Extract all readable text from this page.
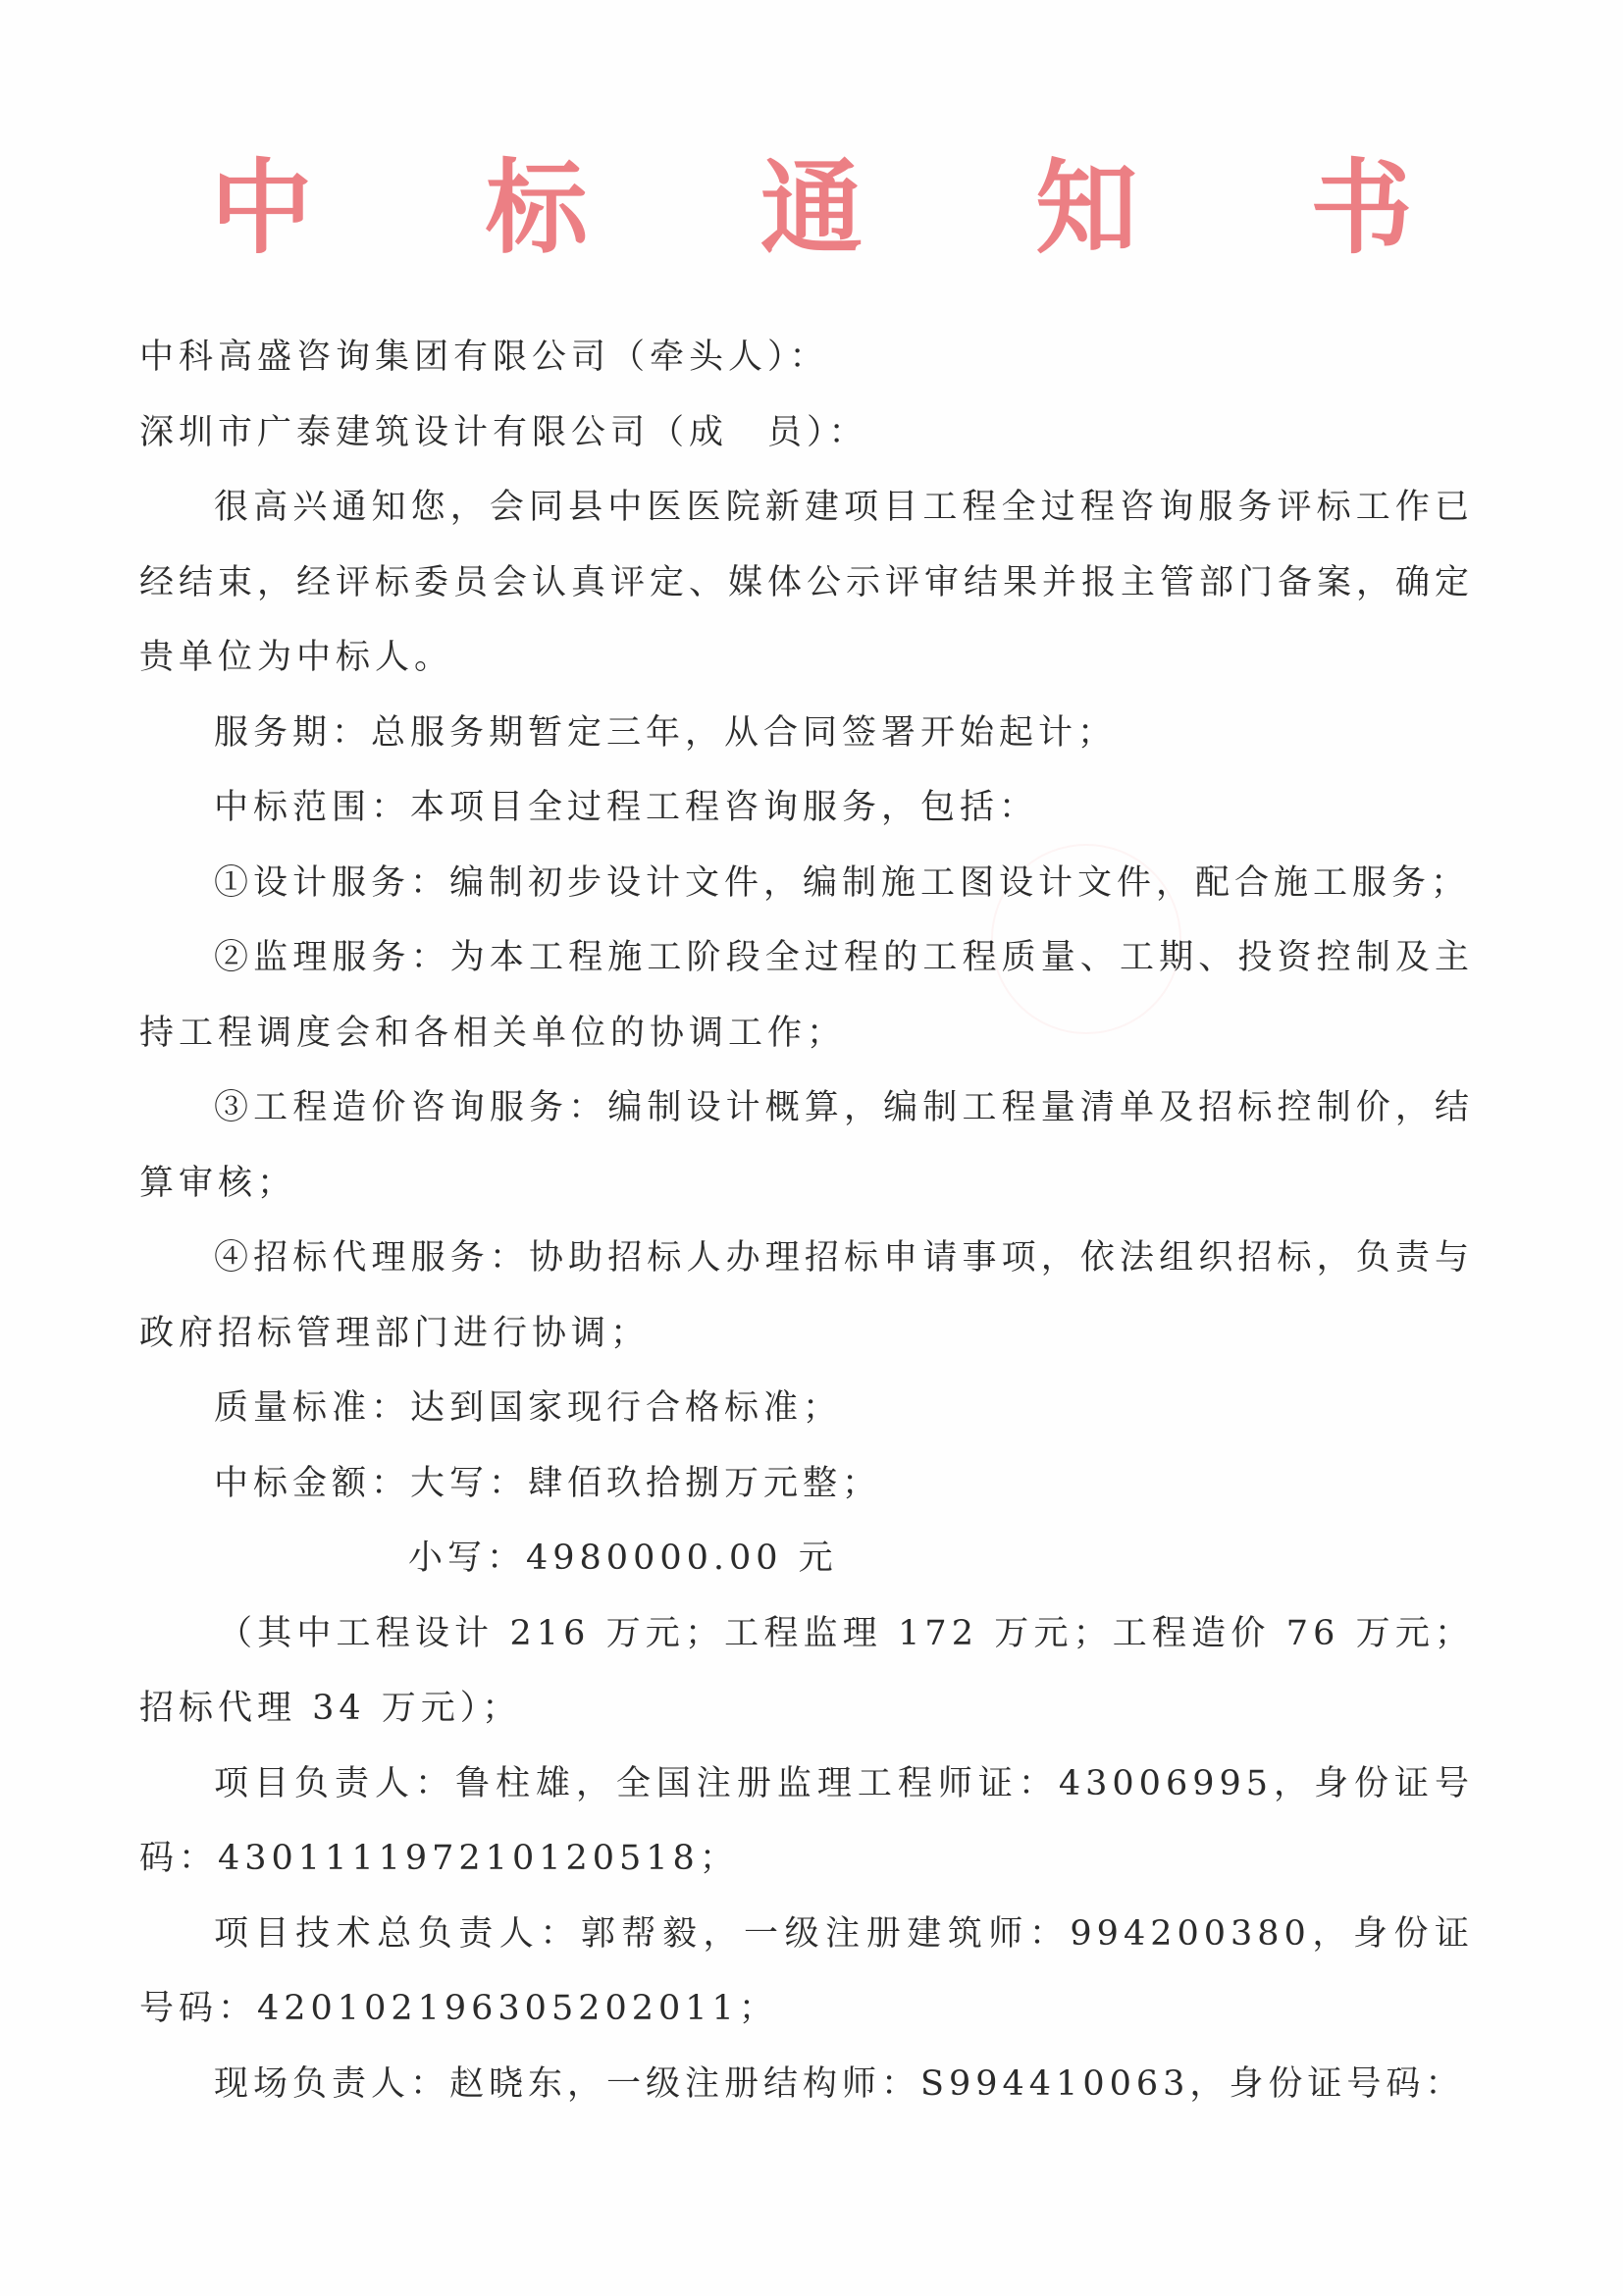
中 标 通 知 书

中科高盛咨询集团有限公司（牵头人）：

深圳市广泰建筑设计有限公司（成　员）：

很高兴通知您，会同县中医医院新建项目工程全过程咨询服务评标工作已经结束，经评标委员会认真评定、媒体公示评审结果并报主管部门备案，确定贵单位为中标人。

服务期：总服务期暂定三年，从合同签署开始起计；

中标范围：本项目全过程工程咨询服务，包括：

①设计服务：编制初步设计文件，编制施工图设计文件，配合施工服务；

②监理服务：为本工程施工阶段全过程的工程质量、工期、投资控制及主持工程调度会和各相关单位的协调工作；

③工程造价咨询服务：编制设计概算，编制工程量清单及招标控制价，结算审核；

④招标代理服务：协助招标人办理招标申请事项，依法组织招标，负责与政府招标管理部门进行协调；

质量标准：达到国家现行合格标准；

中标金额：大写：肆佰玖拾捌万元整；

小写：4980000.00 元

（其中工程设计 216 万元；工程监理 172 万元；工程造价 76 万元；招标代理 34 万元）；

项目负责人：鲁柱雄，全国注册监理工程师证：43006995，身份证号码：430111197210120518；

项目技术总负责人：郭帮毅，一级注册建筑师：994200380，身份证号码：420102196305202011；

现场负责人：赵晓东，一级注册结构师：S994410063，身份证号码：
